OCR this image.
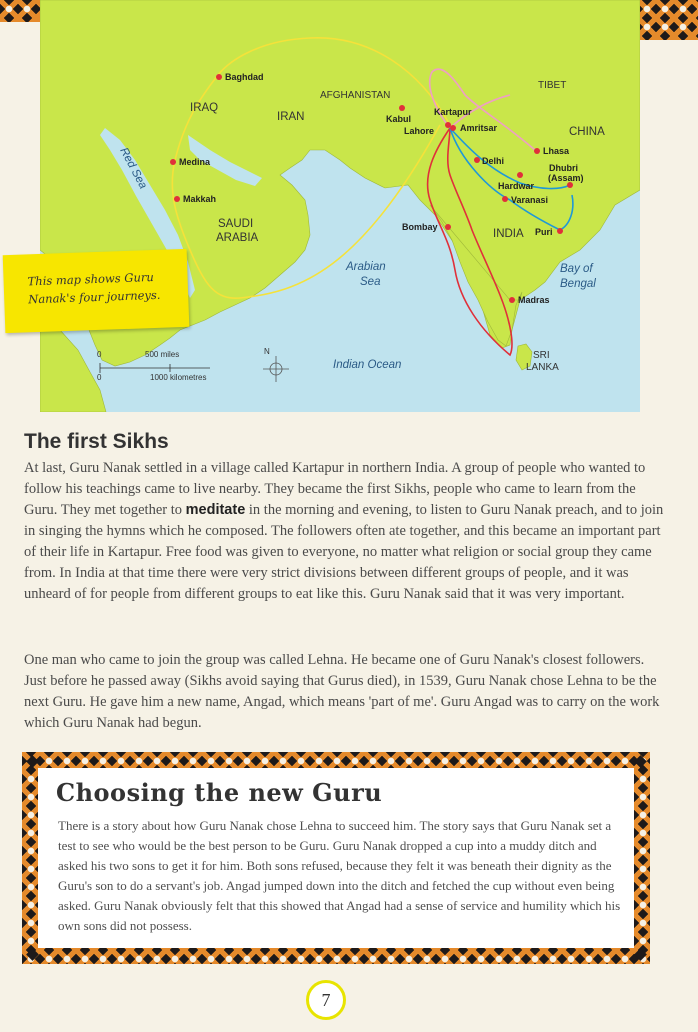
Baghdad
Medina
Makkah
Kabul
Kartapur
Lahore	Amritsar
Delhi
Hardwar
Varanasi
Lhasa
Dhubri
(Assam)
Puri
Bombay
Madras
IRAQ
IRAN
AFGHANISTAN
TIBET
CHINA
SAUDI
ARABIA	INDIA
SRI
LANKA
Red Sea
Arabian
Sea
Bay of
Bengal
Indian Ocean
0
0
500 miles
1000 kilometres
N

This map shows Guru Nanak's four journeys.

The first Sikhs

At last, Guru Nanak settled in a village called Kartapur in northern India. A group of people who wanted to follow his teachings came to live nearby. They became the first Sikhs, people who came to learn from the Guru. They met together to meditate in the morning and evening, to listen to Guru Nanak preach, and to join in singing the hymns which he composed. The followers often ate together, and this became an important part of their life in Kartapur. Free food was given to everyone, no matter what religion or social group they came from. In India at that time there were very strict divisions between different groups of people, and it was unheard of for people from different groups to eat like this. Guru Nanak said that it was very important.

One man who came to join the group was called Lehna. He became one of Guru Nanak's closest followers. Just before he passed away (Sikhs avoid saying that Gurus died), in 1539, Guru Nanak chose Lehna to be the next Guru. He gave him a new name, Angad, which means 'part of me'. Guru Angad was to carry on the work which Guru Nanak had begun.

Choosing the new Guru

There is a story about how Guru Nanak chose Lehna to succeed him. The story says that Guru Nanak set a test to see who would be the best person to be Guru. Guru Nanak dropped a cup into a muddy ditch and asked his two sons to get it for him. Both sons refused, because they felt it was beneath their dignity as the Guru's son to do a servant's job. Angad jumped down into the ditch and fetched the cup without even being asked. Guru Nanak obviously felt that this showed that Angad had a sense of service and humility which his own sons did not possess.

7
